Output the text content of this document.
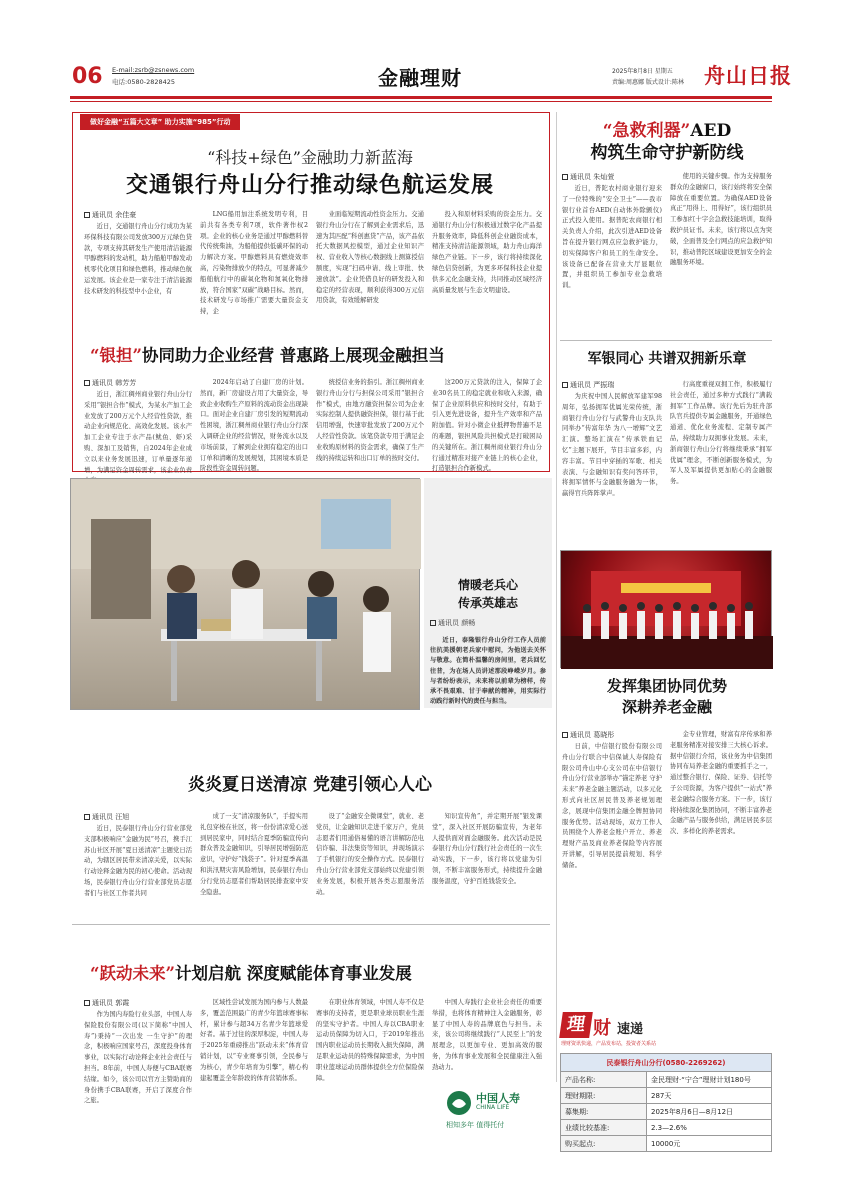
06 E-mail:zsrb@zsnews.com
电话:0580-2828425	金融理财	2025年8月8日 星期五
责编:周惠娜 版式设计:陈林 舟山日报
做好金融“五篇大文章” 助力实施“985”行动
“科技+绿色”金融助力新蓝海
交通银行舟山分行推动绿色航运发展
通讯员 余佳豪
近日，交通银行舟山分行成功为某环保科技有限公司发放300万元绿色贷款，专项支持其研发生产使用清洁能源甲醇燃料的发动机，助力船舶甲醇发动机零代化项目和绿色燃料，推动绿色航运发展。该企业是一家专注于清洁能源技术研发的科技型中小企业，有
LNG船用加注系统发明专利，目前共有各类专利7项，软件著作权2项。企业的核心业务是通过甲醇燃料替代传统柴油，为船舶提供低碳环保的动力解决方案。甲醇燃料具有燃烧效率高，污染物排放少的特点，可显著减少船舶航行中的碳氧化物和氮氧化物排放，符合国家“双碳”战略目标。然而，技术研发与市场推广需要大量资金支持，企
业面临短期流动性资金压力。交通银行舟山分行在了解到企业需求后，迅速为其匹配“科创惠贷”产品，该产品依托大数据风控模型，通过企业知识产权、营业收入等核心数据线上测算授信额度，实现“扫码申请、线上审批、快速放款”。企业凭借良好的研发投入和稳定的经营表现，顺利获得300万元信用贷款，有效缓解研发
投入和原材料采购的资金压力。交通银行舟山分行积极通过数字化产品提升服务效率，降低科创企业融资成本，精准支持清洁能源领域，助力舟山海洋绿色产业链。下一步，该行将持续深化绿色信贷创新，为更多环保科技企业提供多元化金融支持，共同推动区域经济高质量发展与生态文明建设。
“银担”协同助力企业经营 普惠路上展现金融担当
通讯员 韩芳芳
近日，浙江稠州商业银行舟山分行采用“银担合作”模式，为某水产加工企业发放了200万元个人经营性贷款，推动企业向规范化、高效化发展。该水产加工企业专注于水产品(鱿鱼、虾)采购、深加工及销售，自2024年企业成立以来业务发展迅速，订单量逐年递增，为满足资金周转需求，该企业负责
2024年启动了自建厂房的计划。然而，新厂房建设占用了大量资金，导致企业收购生产原料的流动资金出现缺口。面对企业自建厂房引发的短期流动性困境，浙江稠州商业银行舟山分行深入调研企业的经营情况，财务流水以及市场前景，了解到企业拥有稳定的出口订单和清晰的发展规划，其困境本质是阶段性资金周转问题。
统授信业务的指引。浙江稠州商业银行舟山分行与担保公司采用“银担合作”模式，由地方融资担保公司为企业实际控制人提供融资担保，银行基于此信用增强，快速审批发放了200万元个人经营性贷款。该笔贷款专用于满足企业收购原材料的资金需求，确保了生产线的持续运转和出口订单的按时交付。
这200万元贷款的注入，保障了企业30名员工的稳定就业和收入来源，确保了企业原料供应和按时交付，有助于引入更先进设备，提升生产效率和产品附加值。针对小微企业抵押物普遍不足的难题，银担风险共担模式是打破困局的关键所在。浙江稠州商业银行舟山分行通过精准对接产业链上的核心企业，打造银担合作新模式。
情暖老兵心
传承英雄志
通讯员 颜畅
近日，泰隆银行舟山分行工作人员前往抗美援朝老兵家中慰问，为他送去关怀与敬意。在简朴温馨的房间里，老兵回忆往昔，为在场人员讲述那段峥嵘岁月。参与者纷纷表示，未来将以前辈为榜样，传承不畏艰难、甘于奉献的精神，用实际行动践行新时代的责任与担当。
炎炎夏日送清凉 党建引领心人心
通讯员 汪旭
近日，民泰银行舟山分行营业部党支部积极响应“金融为民”号召，携手江苏山社区开展“夏日送清凉”主题党日活动，为辖区居民带来清凉关爱，以实际行动诠释金融为民的初心使命。活动现场，民泰银行舟山分行营业部党员志愿者们与社区工作者共同
成了一支“清凉服务队”，手提实用礼包穿梭在社区，将一份份清凉爱心送到居民家中，同时结合夏季防骗宣传向群众普及金融知识，引导居民增强防范意识，守护好“钱袋子”。针对夏季高温和洪汛期灾害风险增加，民泰银行舟山分行党员志愿者们帮助居民排查家中安全隐患。
设了“金融安全微课堂”，就业、老党员，让金融知识走进千家万户，党员志愿者们用通俗易懂的语言讲解防范电信诈骗、非法集资等知识，并现场演示了手机银行的安全操作方式。民泰银行舟山分行营业部党支部始终以党建引领业务发展，积极开展各类志愿服务活动。
知识宣传角”，并定期开展“银发课堂”，深入社区开展防骗宣传，为老年人提供面对面金融服务。此次活动是民泰银行舟山分行践行社会责任的一次生动实践，下一步，该行将以党建为引领，不断丰富服务形式，持续提升金融服务温度，守护百姓钱袋安全。
“跃动未来”计划启航 深度赋能体育事业发展
通讯员 郭霞
作为国内寿险行业头部，中国人寿保险股份有限公司(以下简称“中国人寿”)秉持“一次出发 一生守护”的理念，积极响应国家号召，深度投身体育事业，以实际行动诠释企业社会责任与担当。8年前，中国人寿便与CBA联赛结缘。如今，该公司以官方主赞助商的身份携手CBA联赛，开启了深度合作之旅。
区域性尝试发展为国内参与人数最多，覆盖范围最广的青少年篮球赛事标杆，累计参与超34万名青少年篮球爱好者。基于过往的深厚积淀，中国人寿于2025年重磅推出“跃动未来”体育营销计划，以“专业赛事引领，全民参与为核心，青少年培育为引擎”，精心构建起覆盖全年龄段的体育营销体系。
在职业体育领域，中国人寿不仅是赛事的支持者，更是职业球员职业生涯的坚实守护者。中国人寿以CBA职业运动员保障为切入口，于2019年推出国内职业运动员长期收入损失保障，满足职业运动员的特殊保障需求，为中国职业篮球运动员群体提供全方位保险保障。
中国人寿践行企业社会责任的重要举措，也将体育精神注入金融服务，彰显了中国人寿的品牌底色与担当。未来，该公司将继续践行“人民至上”的发展理念，以更加专业、更加高效的服务，为体育事业发展和全民健康注入强劲动力。
中国人寿
CHINA LIFE
相知多年 值得托付
“急救利器”AED
构筑生命守护新防线
通讯员 朱灿萱
近日，普陀农村商业银行迎来了一位特殊的“安全卫士”——我市银行业首台AED(自动体外除颤仪)正式投入使用。据普陀农商银行相关负责人介绍，此次引进AED设备旨在提升银行网点应急救护能力，切实保障客户和员工的生命安全。该设备已配备在营业大厅显眼位置，并组织员工参加专业急救培训。
使用的关键步骤。作为支持服务群众的金融窗口，该行始终将安全保障放在重要位置。为确保AED设备真正“用得上、用得好”，该行组织员工参加红十字会急救技能培训，取得救护员证书。未来，该行将以点为突破，全面普及全行网点的应急救护知识，推动普陀区域建设更加安全的金融服务环境。
军银同心 共谱双拥新乐章
通讯员 严振瑞
为庆祝中国人民解放军建军98周年，弘扬拥军优属光荣传统，浙商银行舟山分行与武警舟山支队共同举办“传富年华 为八一增辉”文艺汇演。整场汇演在“传承铁血记忆”主题下展开，节目丰富多彩，内容丰富。节目中穿插的军歌、相关表演、与金融知识有奖问答环节，将拥军情怀与金融服务融为一体，赢得官兵阵阵掌声。
行高度重视双拥工作，积极履行社会责任，通过多种方式践行“满载拥军”工作品牌。该行先后为驻舟部队官兵提供专属金融服务，开通绿色通道、优化业务流程、定制专属产品，持续助力双拥事业发展。未来，浙商银行舟山分行将继续秉承“拥军优属”理念，不断创新服务模式，为军人及军属提供更加贴心的金融服务。
发挥集团协同优势
深耕养老金融
通讯员 葛晓彤
日前，中信银行股份有限公司舟山分行联合中信保诚人寿保险有限公司舟山中心支公司在中信银行舟山分行营业部举办“锚定养老 守护未来”养老金融主题活动，以多元化形式向社区居民普及养老规划理念，展现中信集团金融全牌照协同服务优势。活动现场，双方工作人员围绕个人养老金账户开立、养老理财产品及商业养老保险等内容展开讲解，引导居民提前规划、科学储备。
金专业管理，财富有序传承和养老服务精准对接安排三大核心诉求。据中信银行介绍，该业务为中信集团协同布局养老金融的重要抓手之一，通过整合银行、保险、证券、信托等子公司资源，为客户提供“一站式”养老金融综合服务方案。下一步，该行将持续深化集团协同，不断丰富养老金融产品与服务供给，满足居民多层次、多样化的养老需求。
理 财 速递
理财资讯快递，产品发布站，投资者关系站
民泰银行舟山分行(0580-2269262)	
产品名称:	金民理财·“宁合”理财计划180号
理财期限:	287天
募集期:	2025年8月6日—8月12日
业绩比较基准:	2.3—2.6%
购买起点:	10000元
